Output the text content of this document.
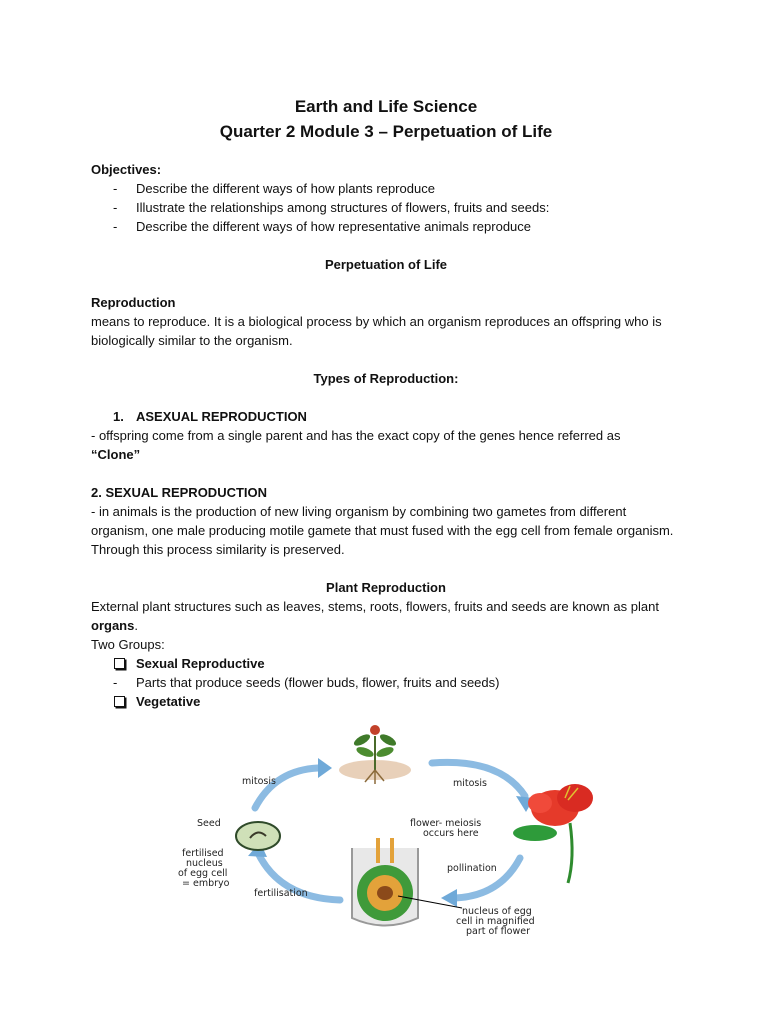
Earth and Life Science

Quarter 2 Module 3 – Perpetuation of Life

Objectives:

- Describe the different ways of how plants reproduce
- Illustrate the relationships among structures of flowers, fruits and seeds:
- Describe the different ways of how representative animals reproduce

Perpetuation of Life

Reproduction

means to reproduce. It is a biological process by which an organism reproduces an offspring who is biologically similar to the organism.

Types of Reproduction:

1. ASEXUAL REPRODUCTION

- offspring come from a single parent and has the exact copy of the genes hence referred as

“Clone”

2. SEXUAL REPRODUCTION

- in animals is the production of new living organism by combining two gametes from different organism, one male producing motile gamete that must fused with the egg cell from female organism. Through this process similarity is preserved.

Plant Reproduction

External plant structures such as leaves, stems, roots, flowers, fruits and seeds are known as plant organs.

Two Groups:

Sexual Reproductive
- Parts that produce seeds (flower buds, flower, fruits and seeds)
Vegetative
mitosis	mitosis
Seed
fertilised
nucleus
of egg cell
= embryo
flower- meiosis
occurs here
pollination
fertilisation
nucleus of egg
cell in magnified
part of flower
